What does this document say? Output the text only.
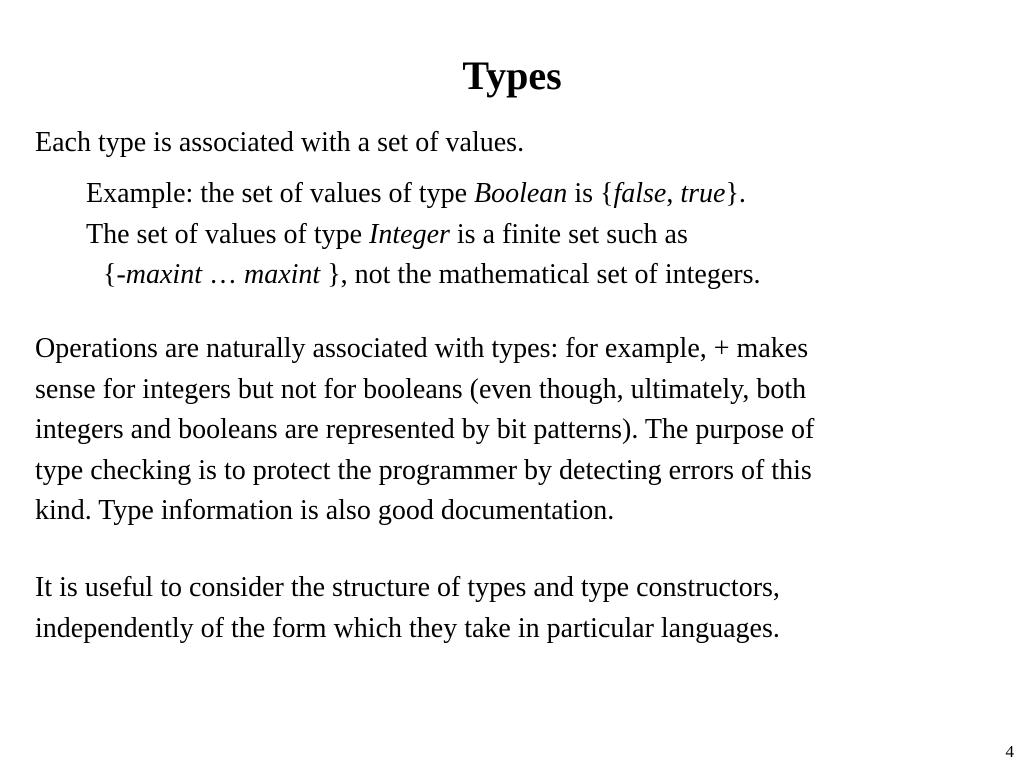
Types

Each type is associated with a set of values.

Example: the set of values of type Boolean is {false, true}.
The set of values of type Integer is a finite set such as
{-maxint … maxint }, not the mathematical set of integers.

Operations are naturally associated with types: for example, + makes
sense for integers but not for booleans (even though, ultimately, both
integers and booleans are represented by bit patterns). The purpose of
type checking is to protect the programmer by detecting errors of this
kind. Type information is also good documentation.

It is useful to consider the structure of types and type constructors,
independently of the form which they take in particular languages.

4
